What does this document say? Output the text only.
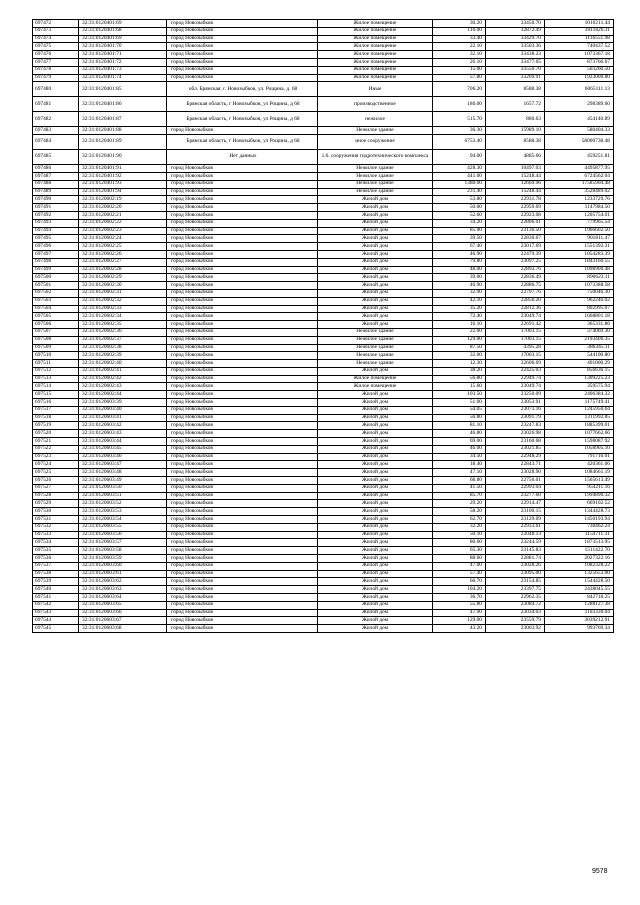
697472	32:31:0120401:69	город Новозыбков	Жилое помещение	30.20	33450.70	1010211.44
697473	32:31:0120401:68	город Новозыбков	Жилое помещение	110.00	32872.49	3911826.11
697474	32:31:0120401:69	город Новозыбков	Жилое помещение	33.40	33429.70	1116551.98
697475	32:31:0120401:70	город Новозыбков	Жилое помещение	22.10	33503.36	740437.52
697476	32:31:0120401:71	город Новозыбков	Жилое помещение	32.10	33438.23	1073367.18
697477	32:31:0120401:72	город Новозыбков	Жилое помещение	26.10	33477.65	873766.67
697478	32:31:0120401:73	город Новозыбков	Жилое помещение	15.00	33550.70	503260.50
697479	32:31:0120401:74	город Новозыбков	Жилое помещение	57.80	33269.91	1923000.80
697480	32:31:0120401:85	обл. Брянская, г. Новозыбков, ул. Рощина, д. 68	Иные	706.20	8588.38	6065111.13
697481	32:31:0120401:86	Брянская область, г Новозыбков, ул Рощина, д 68	производственное	180.00	1657.72	298389.60
697482	32:31:0120401:87	Брянская область, г Новозыбков, ул Рощина, д 68	нежилое	515.70	880.63	454140.89
697483	32:31:0120401:88	город Новозыбков	Нежилое здание	36.30	15989.10	580404.33
697484	32:31:0120401:89	Брянская область, г Новозыбков, ул Рощина, д 68	иное сооружение	6753.40	8588.38	58000738.48
697485	32:31:0120401:90	Нет данных	1.6. сооружения гидротехнического комплекса	94.00	4885.66	459251.81
697486	32:31:0120401:91	город Новозыбков	Нежилое здание	428.30	10497.03	4495877.95
697487	32:31:0120401:92	город Новозыбков	Нежилое здание	441.00	15248.44	6724562.04
697488	32:31:0120401:93	город Новозыбков	Нежилое здание	1388.00	12669.96	17585904.48
697489	32:31:0120401:94	город Новозыбков	Нежилое здание	231.40	15248.44	3528489.02
697490	32:31:0120602:19	город Новозыбков	Жилой дом	53.80	22931.78	1233729.76
697491	32:31:0120602:20	город Новозыбков	Жилой дом	50.00	22959.69	1147984.50
697492	32:31:0120602:21	город Новозыбков	Жилой дом	52.60	22923.08	1205754.01
697493	32:31:0120602:22	город Новозыбков	Жилой дом	34.20	22806.01	779965.54
697494	32:31:0120602:23	город Новозыбков	Жилой дом	85.00	23136.50	1966602.50
697495	32:31:0120602:24	город Новозыбков	Жилой дом	39.50	22830.67	901811.47
697496	32:31:0120602:25	город Новозыбков	Жилой дом	67.40	23017.69	1551392.31
697497	32:31:0120602:26	город Новозыбков	Жилой дом	46.90	22479.39	1054283.39
697498	32:31:0120602:27	город Новозыбков	Жилой дом	79.80	23097.25	1843160.55
697499	32:31:0120602:28	город Новозыбков	Жилой дом	48.00	22893.76	1098900.48
697500	32:31:0120602:29	город Новозыбков	Жилой дом	39.00	22836.49	890623.11
697501	32:31:0120602:30	город Новозыбков	Жилой дом	46.90	22886.75	1073388.58
697502	32:31:0120602:31	город Новозыбков	Жилой дом	32.90	22797.76	750046.30
697503	32:31:0120602:32	город Новозыбков	Жилой дом	42.10	22856.20	962246.02
697504	32:31:0120602:33	город Новозыбков	Жилой дом	35.20	22812.36	802995.07
697505	32:31:0120602:34	город Новозыбков	Жилой дом	72.40	23049.74	1668801.18
697506	32:31:0120602:35	город Новозыбков	Жилой дом	16.10	22691.42	365331.86
697507	32:31:0120602:36	город Новозыбков	Нежилое здание	22.00	17003.15	374069.30
697508	32:31:0120602:37	город Новозыбков	Нежилое здание	129.00	17003.15	2193406.35
697509	32:31:0120602:38	город Новозыбков	Нежилое здание	87.50	4395.28	386345.11
697510	32:31:0120602:39	город Новозыбков	Нежилое здание	32.00	17003.15	544100.80
697511	32:31:0120602:40	город Новозыбков	Нежилое здание	12.30	32606.69	401000.29
697512	32:31:0120602:41	город Новозыбков	Жилой дом	38.20	22425.03	856636.15
697513	32:31:0120602:42	город Новозыбков	Жилое помещение	56.80	22949.74	1309225.23
697514	32:31:0120602:43	город Новозыбков	Жилое помещение	15.60	23049.74	359575.94
697515	32:31:0120602:44	город Новозыбков	Жилой дом	103.50	23250.09	2406384.32
697516	32:31:0120603:39	город Новозыбков	Жилой дом	51.00	23053.91	1175749.41
697517	32:31:0120603:40	город Новозыбков	Жилой дом	54.05	23073.16	1245950.64
697518	32:31:0120603:41	город Новозыбков	Жилой дом	56.80	23091.79	1311992.85
697519	32:31:0120603:42	город Новозыбков	Жилой дом	81.10	23247.83	1885399.01
697520	32:31:0120603:43	город Новозыбков	Жилой дом	46.80	23026.98	1077662.66
697521	32:31:0120603:44	город Новозыбков	Жилой дом	69.00	23160.68	1598087.92
697522	32:31:0120603:45	город Новозыбков	Жилой дом	46.00	23021.85	1058905.10
697523	32:31:0120603:46	город Новозыбков	Жилой дом	34.50	22948.29	791716.01
697524	32:31:0120603:47	город Новозыбков	Жилой дом	18.40	22843.71	420361.06
697525	32:31:0120603:48	город Новозыбков	Жилой дом	47.10	23028.90	1084661.19
697526	32:31:0120603:49	город Новозыбков	Жилой дом	68.80	22756.01	1565613.49
697527	32:31:0120603:50	город Новозыбков	Жилой дом	41.50	22993.04	954211.16
697528	32:31:0120603:51	город Новозыбков	Жилой дом	85.70	23277.60	1994890.32
697529	32:31:0120603:52	город Новозыбков	Жилой дом	29.20	22914.47	669102.52
697530	32:31:0120603:53	город Новозыбков	Жилой дом	58.20	23100.15	1344428.73
697531	32:31:0120603:54	город Новозыбков	Жилой дом	62.70	23129.09	1450193.94
697532	32:31:0120603:55	город Новозыбков	Жилой дом	32.20	22933.61	738462.24
697533	32:31:0120603:56	город Новозыбков	Жилой дом	50.10	23048.13	1154711.31
697534	32:31:0120603:57	город Новозыбков	Жилой дом	80.60	23244.59	1873513.95
697535	32:31:0120603:58	город Новозыбков	Жилой дом	65.30	23145.83	1511422.70
697536	32:31:0120603:59	город Новозыбков	Жилой дом	88.60	22881.74	2027322.16
697537	32:31:0120603:60	город Новозыбков	Жилой дом	47.00	23028.26	1082328.22
697538	32:31:0120603:61	город Новозыбков	Жилой дом	57.40	23095.00	1325653.00
697539	32:31:0120603:62	город Новозыбков	Жилой дом	66.70	23154.85	1544428.50
697540	32:31:0120603:63	город Новозыбков	Жилой дом	104.20	23397.75	2438045.55
697541	32:31:0120603:64	город Новозыбков	Жилой дом	36.70	22962.35	842718.25
697542	32:31:0120603:65	город Новозыбков	Жилой дом	55.80	23084.72	1288127.38
697543	32:31:0120603:66	город Новозыбков	Жилой дом	47.90	23034.03	1103330.04
697544	32:31:0120603:67	город Новозыбков	Жилой дом	129.00	23559.79	3039212.91
697545	32:31:0120603:68	город Новозыбков	Жилой дом	43.20	23003.92	993769.34
9578
